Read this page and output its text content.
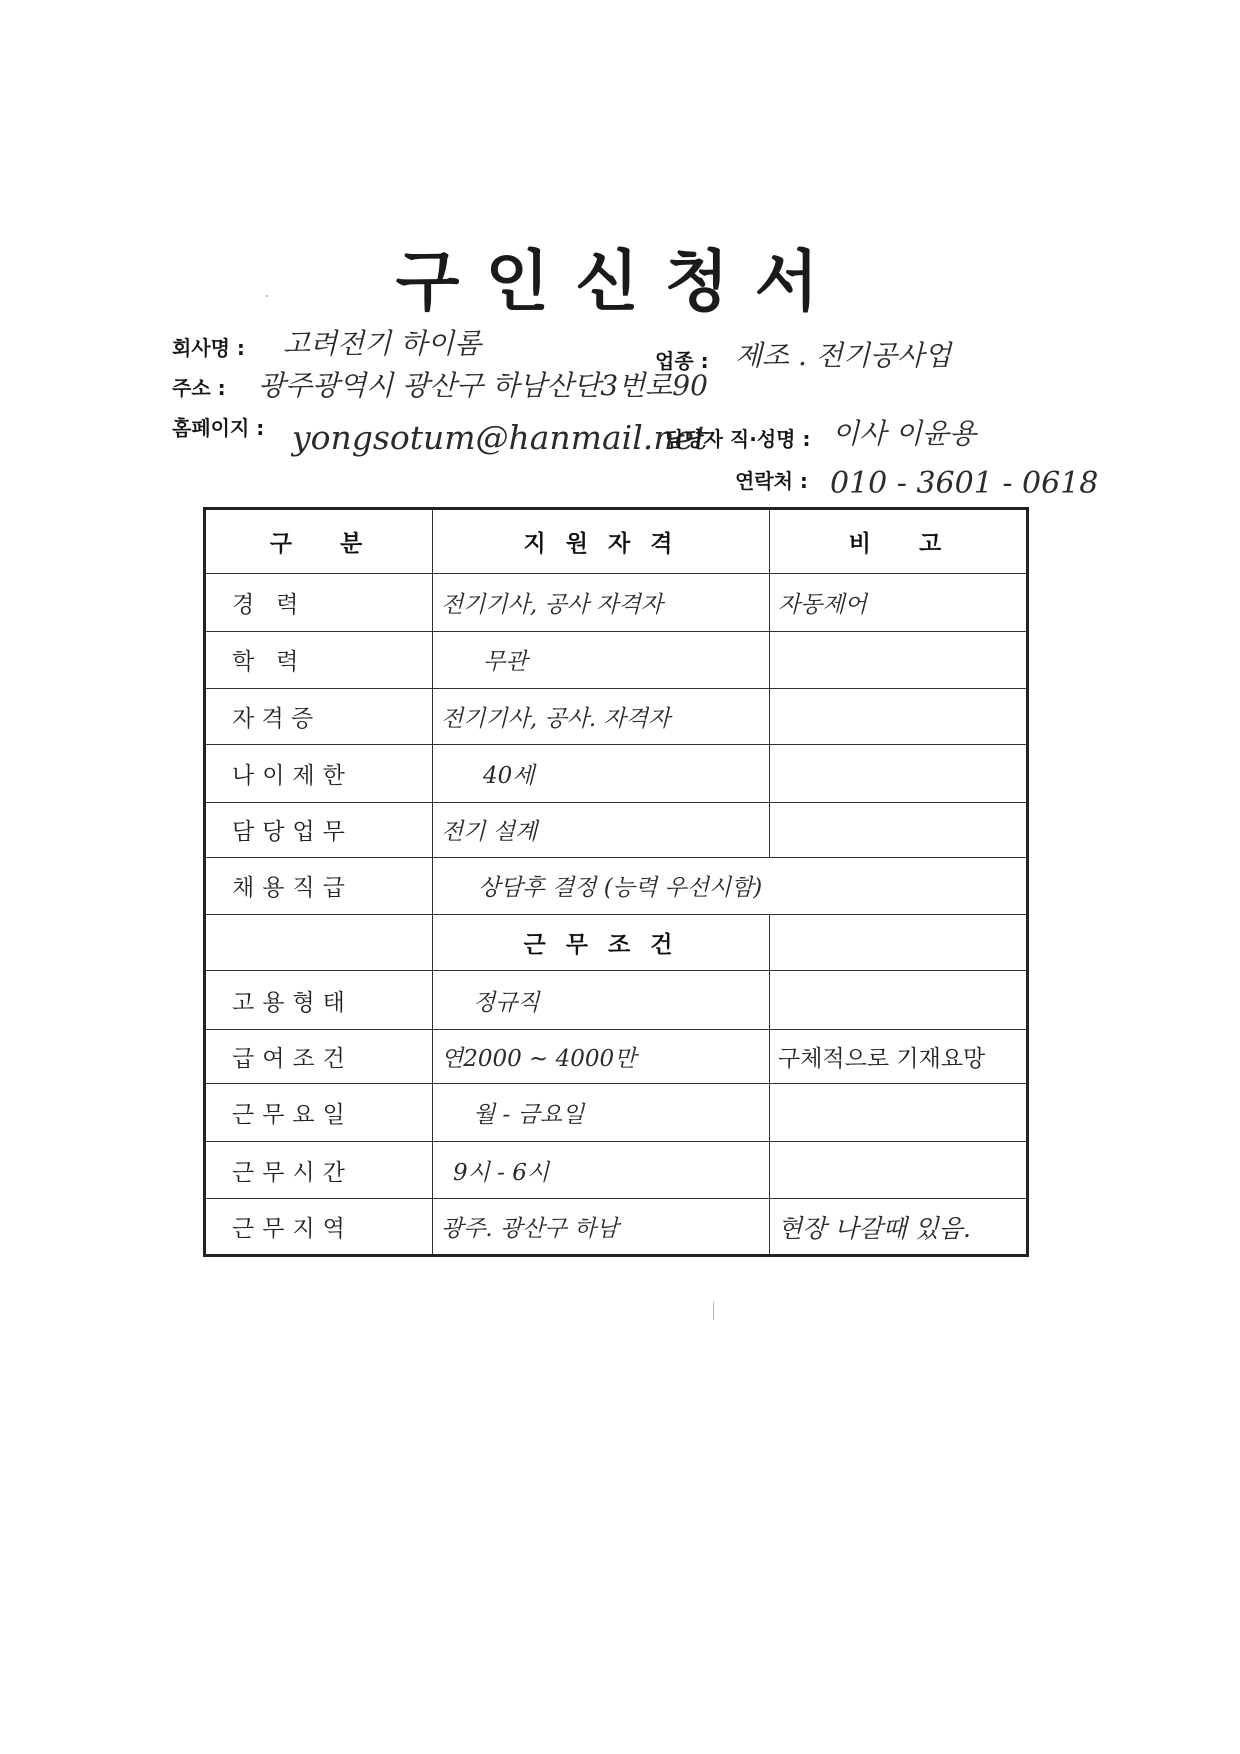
구인신청서
회사명 : 고려전기 하이롬
업종 : 제조 . 전기공사업
주소 : 광주광역시 광산구 하남산단3번로90
홈페이지 : yongsotum@hanmail.net
담당자 직·성명 : 이사 이윤용
연락처 : 010 - 3601 - 0618
구   분	지 원 자 격	비   고

경   력	전기기사, 공사 자격자	자동제어

학   력	무관	

자 격 증	전기기사, 공사. 자격자	

나이제한	40세	

담당업무	전기 설계	

채용직급	상담후 결정 (능력 우선시함)	
	근 무 조 건	

고용형태	정규직	

급여조건	연2000 ~ 4000만	구체적으로 기재요망

근무요일	월 - 금요일	

근무시간	9시 - 6시	

근무지역	광주. 광산구 하남	현장 나갈때 있음.
